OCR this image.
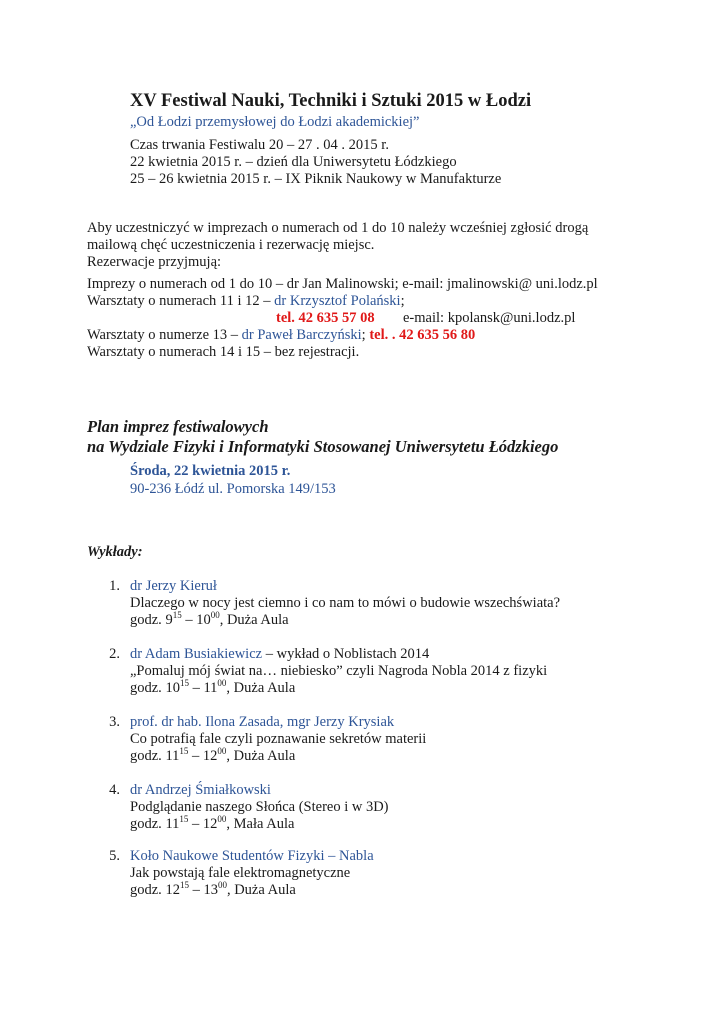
XV Festiwal Nauki, Techniki i Sztuki 2015 w Łodzi
„Od Łodzi przemysłowej do Łodzi akademickiej”
Czas trwania Festiwalu 20 – 27 . 04 . 2015 r.
22 kwietnia 2015 r. – dzień dla Uniwersytetu Łódzkiego
25 – 26 kwietnia 2015 r. – IX Piknik Naukowy w Manufakturze
Aby uczestniczyć w imprezach o numerach od 1 do 10 należy wcześniej zgłosić drogą
mailową chęć uczestniczenia i rezerwację miejsc.
Rezerwacje przyjmują:
Imprezy o numerach od 1 do 10 – dr Jan Malinowski; e-mail: jmalinowski@ uni.lodz.pl
Warsztaty o numerach 11 i 12 – dr Krzysztof Polański;
tel. 42 635 57 08 e-mail: kpolansk@uni.lodz.pl
Warsztaty o numerze 13 – dr Paweł Barczyński; tel. . 42 635 56 80
Warsztaty o numerach 14 i 15 – bez rejestracji.
Plan imprez festiwalowych
na Wydziale Fizyki i Informatyki Stosowanej Uniwersytetu Łódzkiego
Środa, 22 kwietnia 2015 r.
90-236 Łódź ul. Pomorska 149/153
Wykłady:
1. dr Jerzy Kieruł
Dlaczego w nocy jest ciemno i co nam to mówi o budowie wszechświata?
godz. $9^{15} - 10^{00}$, Duża Aula
2. dr Adam Busiakiewicz – wykład o Noblistach 2014
„Pomaluj mój świat na… niebiesko” czyli Nagroda Nobla 2014 z fizyki
godz. $10^{15} - 11^{00}$, Duża Aula
3. prof. dr hab. Ilona Zasada, mgr Jerzy Krysiak
Co potrafią fale czyli poznawanie sekretów materii
godz. $11^{15} - 12^{00}$, Duża Aula
4. dr Andrzej Śmiałkowski
Podglądanie naszego Słońca (Stereo i w 3D)
godz. $11^{15} - 12^{00}$, Mała Aula
5. Koło Naukowe Studentów Fizyki – Nabla
Jak powstają fale elektromagnetyczne
godz. $12^{15} - 13^{00}$, Duża Aula
